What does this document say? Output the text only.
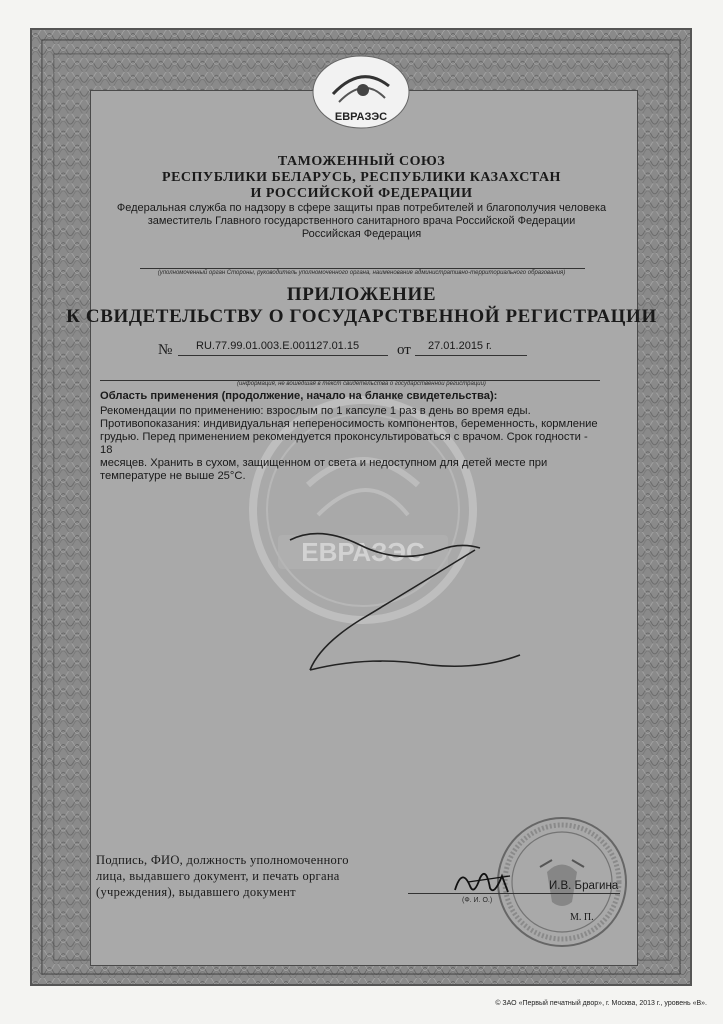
ЕВРАЗЭС
ЕВРАЗЭС
ТАМОЖЕННЫЙ СОЮЗ
РЕСПУБЛИКИ БЕЛАРУСЬ, РЕСПУБЛИКИ КАЗАХСТАН
И РОССИЙСКОЙ ФЕДЕРАЦИИ
Федеральная служба по надзору в сфере защиты прав потребителей и благополучия человека
заместитель Главного государственного санитарного врача Российской Федерации
Российская Федерация
(уполномоченный орган Стороны, руководитель уполномоченного органа, наименование административно-территориального образования)
ПРИЛОЖЕНИЕ
К СВИДЕТЕЛЬСТВУ О ГОСУДАРСТВЕННОЙ РЕГИСТРАЦИИ
№ RU.77.99.01.003.E.001127.01.15	от 27.01.2015 г.
(информация, не вошедшая в текст свидетельства о государственной регистрации)

Область применения (продолжение, начало на бланке свидетельства):

Рекомендации по применению: взрослым по 1 капсуле 1 раз в день во время еды.

Противопоказания: индивидуальная непереносимость компонентов, беременность, кормление

грудью. Перед применением рекомендуется проконсультироваться с врачом. Срок годности - 18

месяцев. Хранить в сухом, защищенном от света и недоступном для детей месте при

температуре не выше 25°С.

Подпись, ФИО, должность уполномоченного
лица, выдавшего документ, и печать органа
(учреждения), выдавшего документ	И.В. Брагина
(Ф. И. О.)
М. П.
© ЗАО «Первый печатный двор», г. Москва, 2013 г., уровень «В».
